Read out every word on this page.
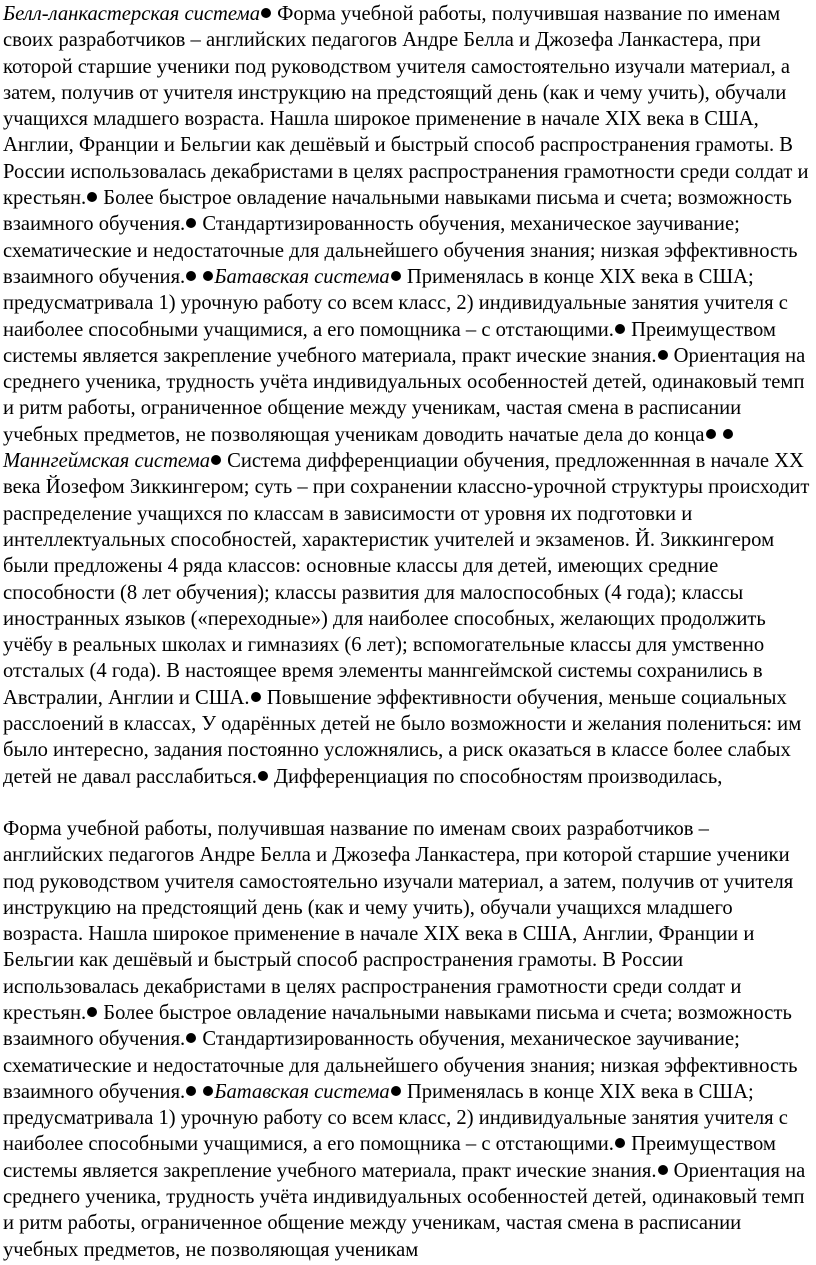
Белл-ланкастерская система Форма учебной работы, получившая название по именам своих разработчиков – английских педагогов Андре Белла и Джозефа Ланкастера, при которой старшие ученики под руководством учителя самостоятельно изучали материал, а затем, получив от учителя инструкцию на предстоящий день (как и чему учить), обучали учащихся младшего возраста. Нашла широкое применение в начале XIX века в США, Англии, Франции и Бельгии как дешёвый и быстрый способ распространения грамоты. В России использовалась декабристами в целях распространения грамотности среди солдат и крестьян. Более быстрое овладение начальными навыками письма и счета; возможность взаимного обучения. Стандартизированность обучения, механическое заучивание; схематические и недостаточные для дальнейшего обучения знания; низкая эффективность взаимного обучения. Батавская система Применялась в конце XIX века в США; предусматривала 1) урочную работу со всем класс, 2) индивидуальные занятия учителя с наиболее способными учащимися, а его помощника – с отстающими. Преимуществом системы является закрепление учебного материала, практ ические знания. Ориентация на среднего ученика, трудность учёта индивидуальных особенностей детей, одинаковый темп и ритм работы, ограниченное общение между ученикам, частая смена в расписании учебных предметов, не позволяющая ученикам доводить начатые дела до конца Маннгеймская система Система дифференциации обучения, предложеннная в начале XX века Йозефом Зиккингером; суть – при сохранении классно-урочной структуры происходит распределение учащихся по классам в зависимости от уровня их подготовки и интеллектуальных способностей, характеристик учителей и экзаменов. Й. Зиккингером были предложены 4 ряда классов: основные классы для детей, имеющих средние способности (8 лет обучения); классы развития для малоспособных (4 года); классы иностранных языков («переходные») для наиболее способных, желающих продолжить учёбу в реальных школах и гимназиях (6 лет); вспомогательные классы для умственно отсталых (4 года). В настоящее время элементы маннгеймской системы сохранились в Австралии, Англии и США. Повышение эффективности обучения, меньше социальных расслоений в классах, У одарённых детей не было возможности и желания полениться: им было интересно, задания постоянно усложнялись, а риск оказаться в классе более слабых детей не давал расслабиться. Дифференциация по способностям производилась,

Форма учебной работы, получившая название по именам своих разработчиков – английских педагогов Андре Белла и Джозефа Ланкастера, при которой старшие ученики под руководством учителя самостоятельно изучали материал, а затем, получив от учителя инструкцию на предстоящий день (как и чему учить), обучали учащихся младшего возраста. Нашла широкое применение в начале XIX века в США, Англии, Франции и Бельгии как дешёвый и быстрый способ распространения грамоты. В России использовалась декабристами в целях распространения грамотности среди солдат и крестьян. Более быстрое овладение начальными навыками письма и счета; возможность взаимного обучения. Стандартизированность обучения, механическое заучивание; схематические и недостаточные для дальнейшего обучения знания; низкая эффективность взаимного обучения. Батавская система Применялась в конце XIX века в США; предусматривала 1) урочную работу со всем класс, 2) индивидуальные занятия учителя с наиболее способными учащимися, а его помощника – с отстающими. Преимуществом системы является закрепление учебного материала, практ ические знания. Ориентация на среднего ученика, трудность учёта индивидуальных особенностей детей, одинаковый темп и ритм работы, ограниченное общение между ученикам, частая смена в расписании учебных предметов, не позволяющая ученикам
